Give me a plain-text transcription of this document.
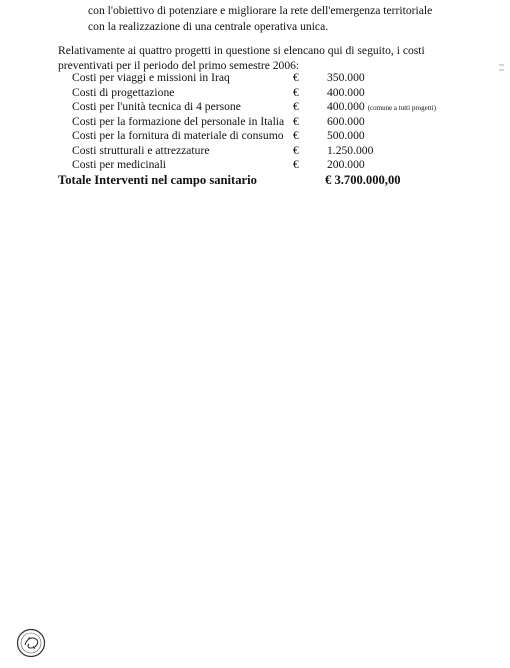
con l'obiettivo di potenziare e migliorare la rete dell'emergenza territoriale
con la realizzazione di una centrale operativa unica.
Relativamente ai quattro progetti in questione si elencano qui di seguito, i costi
preventivati per il periodo del primo semestre 2006:
Costi per viaggi e missioni in Iraq	€ 350.000
Costi di progettazione	€ 400.000
Costi per l'unità tecnica di 4 persone	€ 400.000 (comune a tutti progetti)
Costi per la formazione del personale in Italia € 600.000
Costi per la fornitura di materiale di consumo € 500.000
Costi strutturali e attrezzature	€ 1.250.000
Costi per medicinali	€ 200.000
Totale Interventi nel campo sanitario	€ 3.700.000,00
